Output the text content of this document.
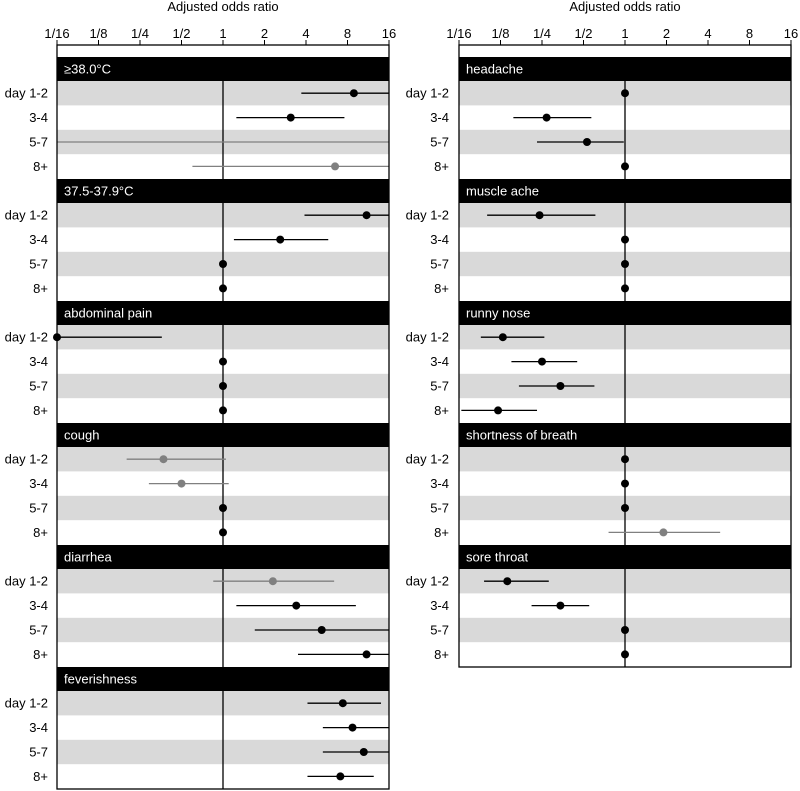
Adjusted odds ratio
1/16 1/8 1/4 1/2 1	2	4	8 16
≥38.0°C
day 1-2
3-4
5-7
8+
37.5-37.9°C
day 1-2
3-4
5-7
8+
abdominal pain
day 1-2
3-4
5-7
8+
cough
day 1-2
3-4
5-7
8+
diarrhea
day 1-2
3-4
5-7
8+
feverishness
day 1-2
3-4
5-7
8+
Adjusted odds ratio
1/16 1/8 1/4 1/2 1	2	4	8 16
headache
day 1-2
3-4
5-7
8+
muscle ache
day 1-2
3-4
5-7
8+
runny nose
day 1-2
3-4
5-7
8+
shortness of breath
day 1-2
3-4
5-7
8+
sore throat
day 1-2
3-4
5-7
8+
